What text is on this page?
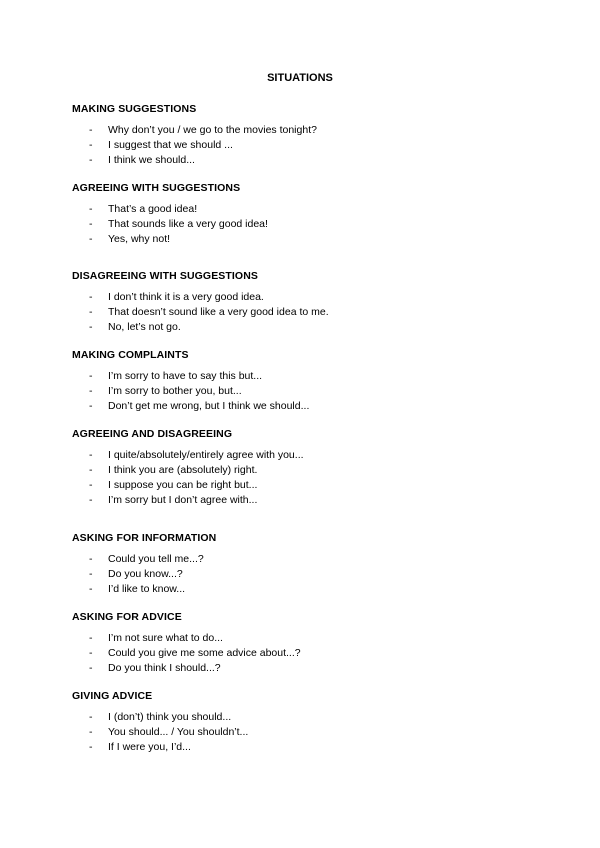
SITUATIONS
MAKING SUGGESTIONS
- Why don’t you / we go to the movies tonight?
- I suggest that we should ...
- I think we should...
AGREEING WITH SUGGESTIONS
- That’s a good idea!
- That sounds like a very good idea!
- Yes, why not!
DISAGREEING WITH SUGGESTIONS
- I don’t think it is a very good idea.
- That doesn’t sound like a very good idea to me.
- No, let’s not go.
MAKING COMPLAINTS
- I’m sorry to have to say this but...
- I’m sorry to bother you, but...
- Don’t get me wrong, but I think we should...
AGREEING AND DISAGREEING
- I quite/absolutely/entirely agree with you...
- I think you are (absolutely) right.
- I suppose you can be right but...
- I’m sorry but I don’t agree with...
ASKING FOR INFORMATION
- Could you tell me...?
- Do you know...?
- I’d like to know...
ASKING FOR ADVICE
- I’m not sure what to do...
- Could you give me some advice about...?
- Do you think I should...?
GIVING ADVICE
- I (don’t) think you should...
- You should... / You shouldn’t...
- If I were you, I’d...
